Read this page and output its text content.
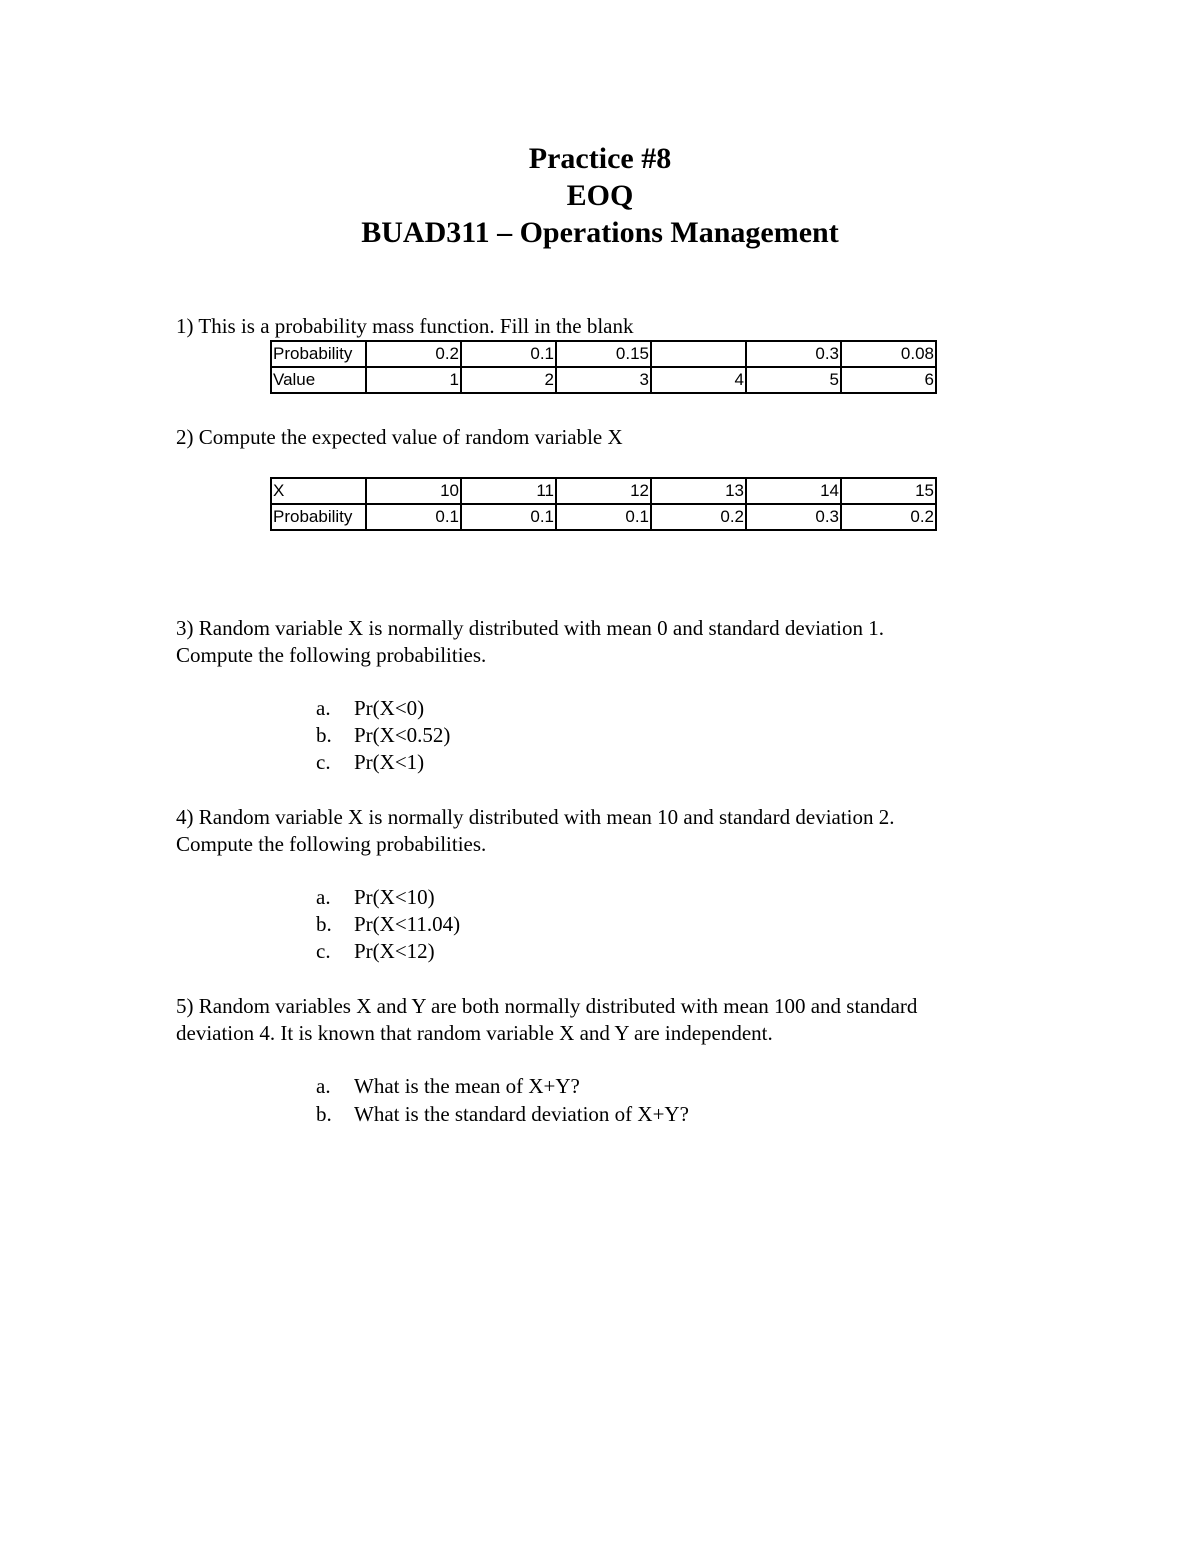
Practice #8
EOQ
BUAD311 – Operations Management
1) This is a probability mass function. Fill in the blank
Probability	0.2	0.1	0.15		0.3	0.08
Value	1	2	3	4	5	6
2) Compute the expected value of random variable X
X	10	11	12	13	14	15
Probability	0.1	0.1	0.1	0.2	0.3	0.2
3) Random variable X is normally distributed with mean 0 and standard deviation 1.
Compute the following probabilities.
a. Pr(X<0)
b. Pr(X<0.52)
c. Pr(X<1)
4) Random variable X is normally distributed with mean 10 and standard deviation 2.
Compute the following probabilities.
a. Pr(X<10)
b. Pr(X<11.04)
c. Pr(X<12)
5) Random variables X and Y are both normally distributed with mean 100 and standard
deviation 4. It is known that random variable X and Y are independent.
a. What is the mean of X+Y?
b. What is the standard deviation of X+Y?
